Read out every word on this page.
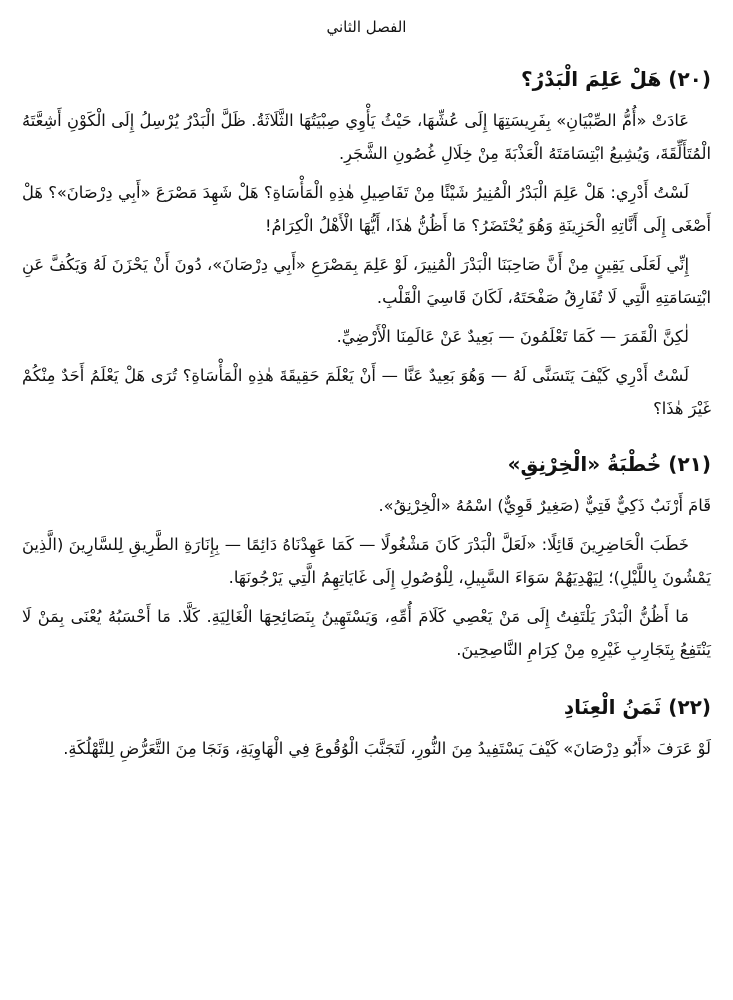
الفصل الثاني
(٢٠) هَلْ عَلِمَ الْبَدْرُ؟

عَادَتْ «أُمُّ الصِّبْيَانِ» بِفَرِيسَتِهَا إِلَى عُشِّهَا، حَيْثُ يَأْوِي صِبْيَتُهَا الثَّلَاثَةُ. ظَلَّ الْبَدْرُ يُرْسِلُ إِلَى الْكَوْنِ أَشِعَّتَهُ الْمُتَأَلِّقَةَ، وَيُشِيعُ ابْتِسَامَتَهُ الْعَذْبَةَ مِنْ خِلَالِ غُصُونِ الشَّجَرِ.

لَسْتُ أَدْرِي: هَلْ عَلِمَ الْبَدْرُ الْمُنِيرُ شَيْئًا مِنْ تَفَاصِيلِ هٰذِهِ الْمَأْسَاةِ؟ هَلْ شَهِدَ مَصْرَعَ «أَبِي دِرْصَانَ»؟ هَلْ أَصْغَى إِلَى أَنَّاتِهِ الْحَزِينَةِ وَهُوَ يُحْتَضَرُ؟ مَا أَظُنُّ هٰذَا، أَيُّهَا الْأَهْلُ الْكِرَامُ!

إِنِّي لَعَلَى يَقِينٍ مِنْ أَنَّ صَاحِبَنَا الْبَدْرَ الْمُنِيرَ، لَوْ عَلِمَ بِمَصْرَعِ «أَبِي دِرْصَانَ»، دُونَ أَنْ يَحْزَنَ لَهُ وَيَكُفَّ عَنِ ابْتِسَامَتِهِ الَّتِي لَا تُفَارِقُ صَفْحَتَهُ، لَكَانَ قَاسِيَ الْقَلْبِ.

لٰكِنَّ الْقَمَرَ — كَمَا تَعْلَمُونَ — بَعِيدٌ عَنْ عَالَمِنَا الْأَرْضِيِّ.

لَسْتُ أَدْرِي كَيْفَ يَتَسَنَّى لَهُ — وَهُوَ بَعِيدٌ عَنَّا — أَنْ يَعْلَمَ حَقِيقَةَ هٰذِهِ الْمَأْسَاةِ؟ تُرَى هَلْ يَعْلَمُ أَحَدٌ مِنْكُمْ غَيْرَ هٰذَا؟

(٢١) خُطْبَةُ «الْخِرْنِقِ»

قَامَ أَرْنَبٌ ذَكِيٌّ فَتِيٌّ (صَغِيرٌ قَوِيٌّ) اسْمُهُ «الْخِرْنِقُ».

خَطَبَ الْحَاضِرِينَ قَائِلًا: «لَعَلَّ الْبَدْرَ كَانَ مَشْغُولًا — كَمَا عَهِدْنَاهُ دَائِمًا — بِإِنَارَةِ الطَّرِيقِ لِلسَّارِينَ (الَّذِينَ يَمْشُونَ بِاللَّيْلِ)؛ لِيَهْدِيَهُمْ سَوَاءَ السَّبِيلِ، لِلْوُصُولِ إِلَى غَايَاتِهِمُ الَّتِي يَرْجُونَهَا.

مَا أَظُنُّ الْبَدْرَ يَلْتَفِتُ إِلَى مَنْ يَعْصِي كَلَامَ أُمِّهِ، وَيَسْتَهِينُ بِنَصَائِحِهَا الْغَالِيَةِ. كَلَّا. مَا أَحْسَبُهُ يُعْنَى بِمَنْ لَا يَنْتَفِعُ بِتَجَارِبِ غَيْرِهِ مِنْ كِرَامِ النَّاصِحِينَ.

(٢٢) ثَمَنُ الْعِنَادِ

لَوْ عَرَفَ «أَبُو دِرْصَانَ» كَيْفَ يَسْتَفِيدُ مِنَ النُّورِ، لَتَجَنَّبَ الْوُقُوعَ فِي الْهَاوِيَةِ، وَنَجَا مِنَ التَّعَرُّضِ لِلتَّهْلُكَةِ.
